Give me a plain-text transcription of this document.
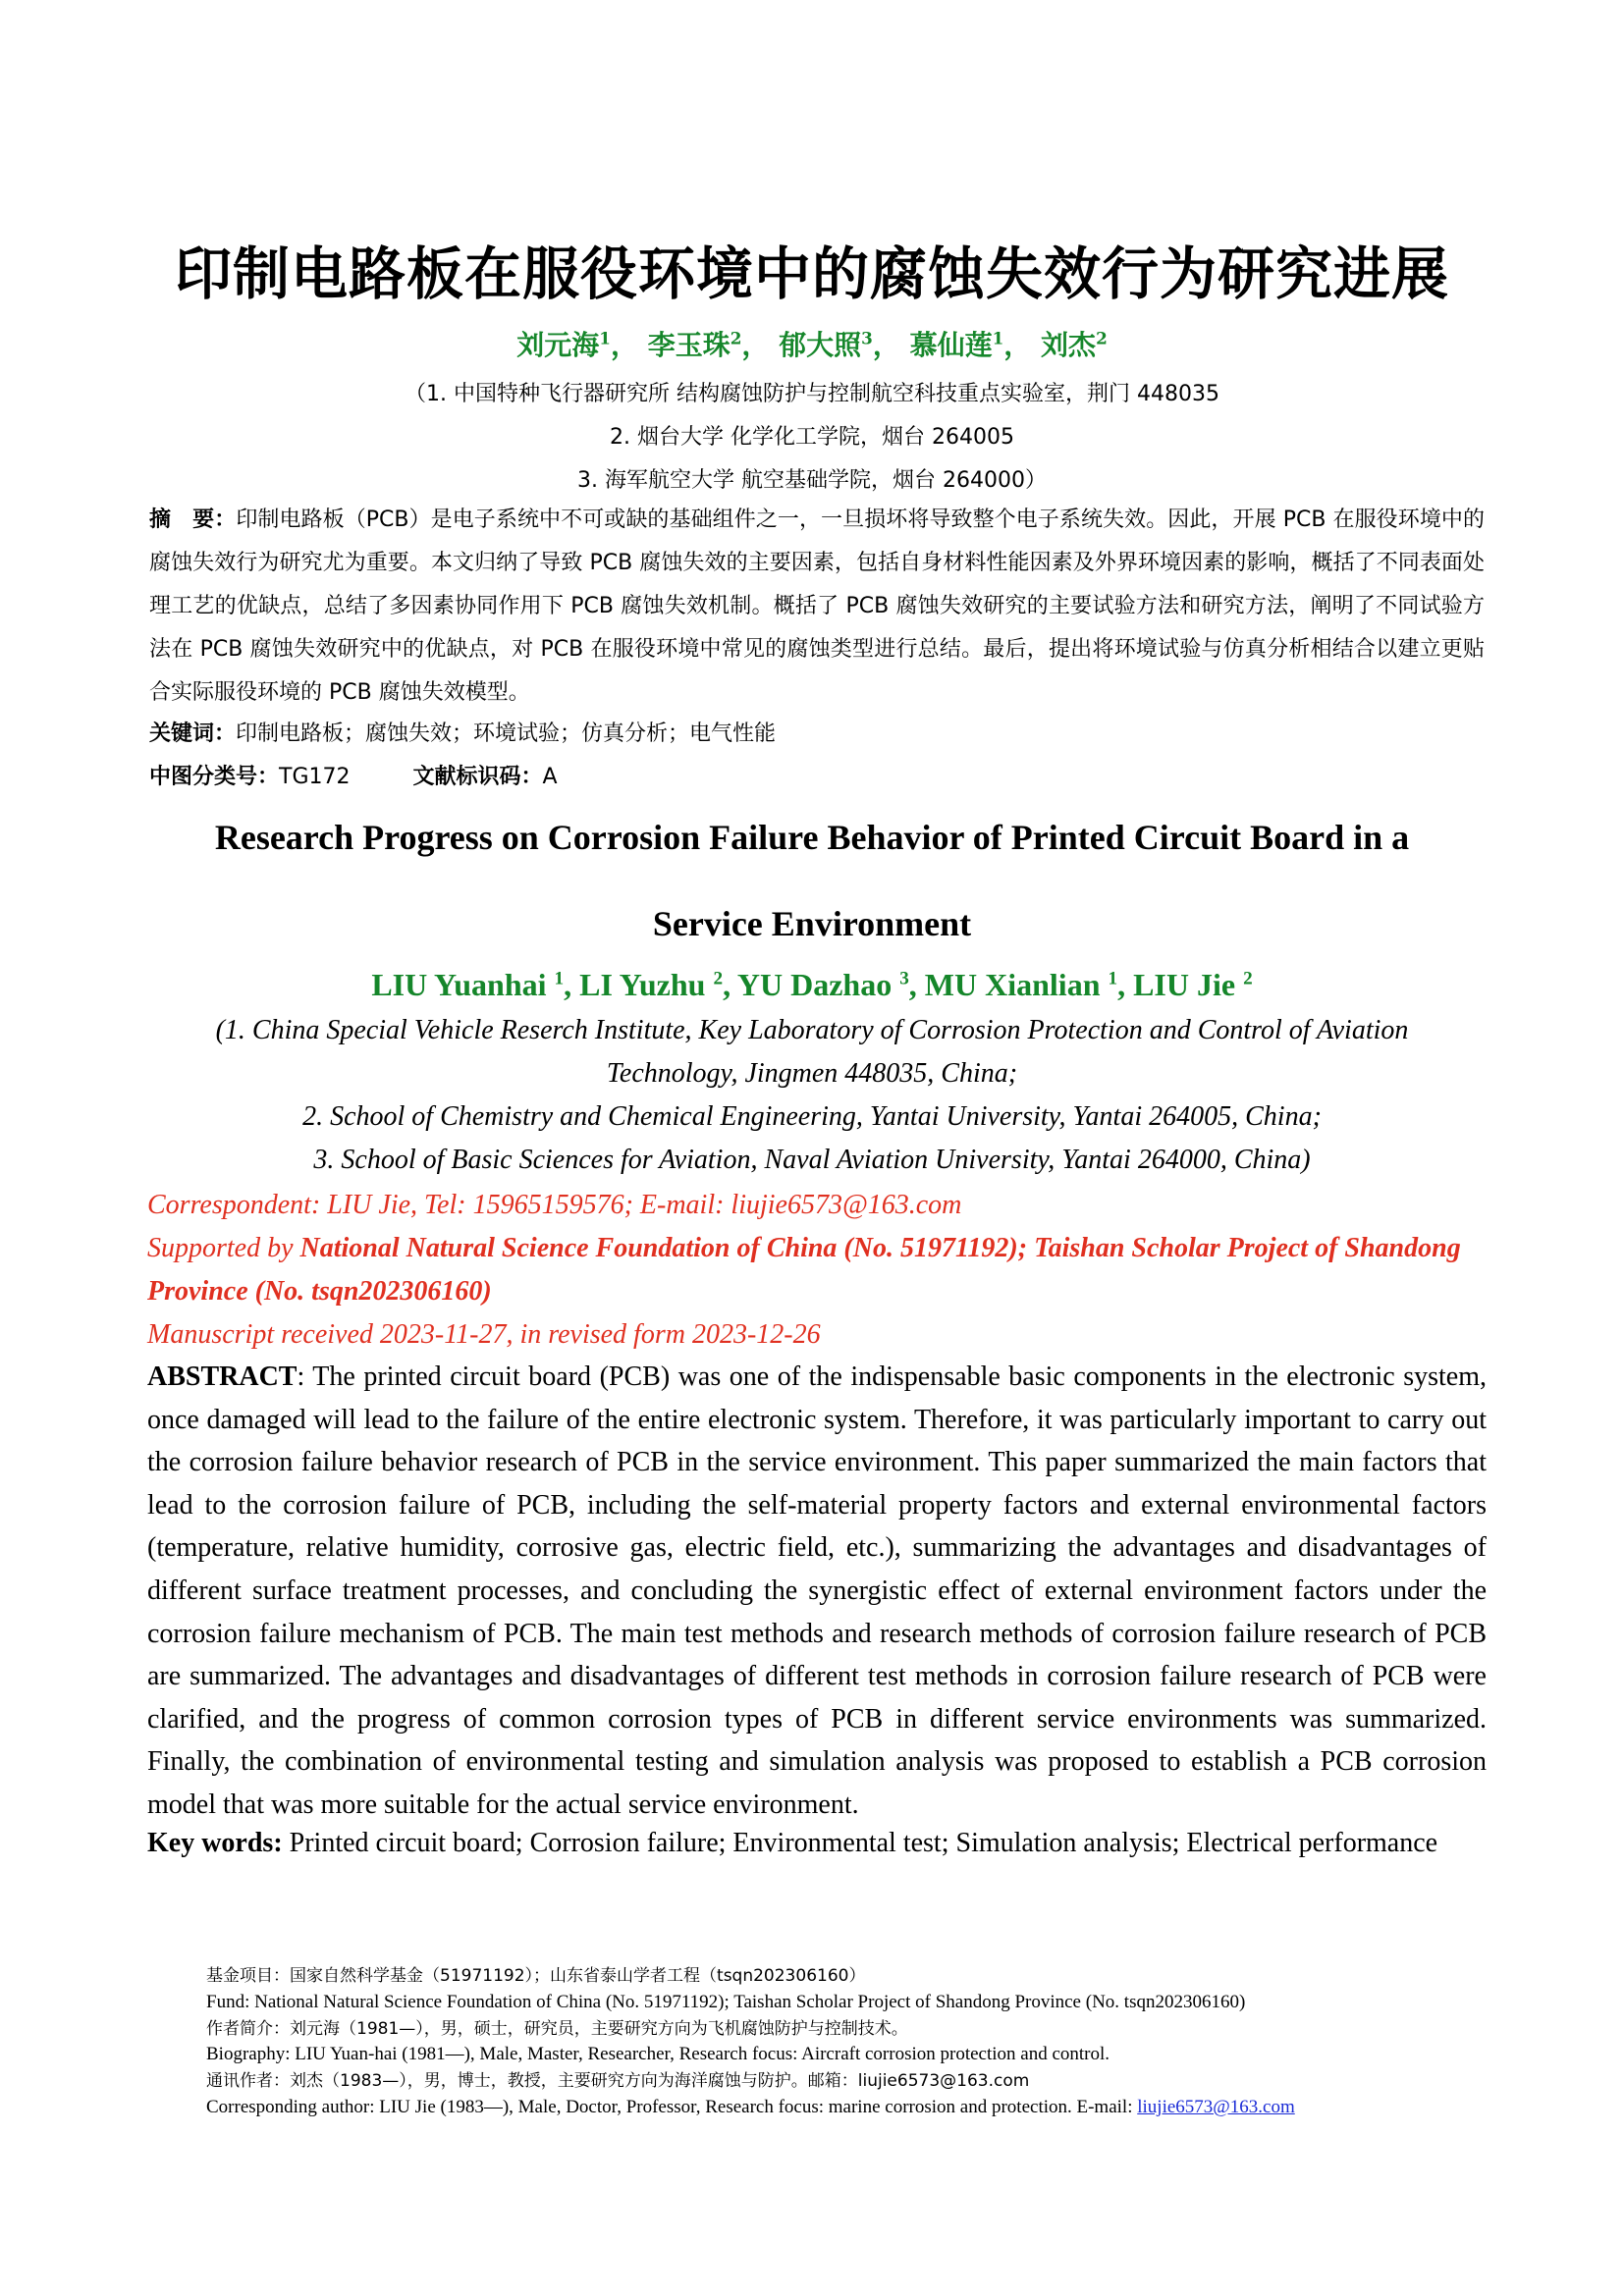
印制电路板在服役环境中的腐蚀失效行为研究进展
刘元海$^1$， 李玉珠$^2$， 郁大照$^3$， 慕仙莲$^1$， 刘杰$^2$
（1. 中国特种飞行器研究所 结构腐蚀防护与控制航空科技重点实验室，荆门 448035
2. 烟台大学 化学化工学院，烟台 264005
3. 海军航空大学 航空基础学院，烟台 264000）
摘　要：印制电路板（PCB）是电子系统中不可或缺的基础组件之一，一旦损坏将导致整个电子系统失效。因此，开展 PCB 在服役环境中的腐蚀失效行为研究尤为重要。本文归纳了导致 PCB 腐蚀失效的主要因素，包括自身材料性能因素及外界环境因素的影响，概括了不同表面处理工艺的优缺点，总结了多因素协同作用下 PCB 腐蚀失效机制。概括了 PCB 腐蚀失效研究的主要试验方法和研究方法，阐明了不同试验方法在 PCB 腐蚀失效研究中的优缺点，对 PCB 在服役环境中常见的腐蚀类型进行总结。最后，提出将环境试验与仿真分析相结合以建立更贴合实际服役环境的 PCB 腐蚀失效模型。
关键词：印制电路板；腐蚀失效；环境试验；仿真分析；电气性能
中图分类号：TG172	文献标识码：A
Research Progress on Corrosion Failure Behavior of Printed Circuit Board in a
Service Environment
LIU Yuanhai $^1$, LI Yuzhu $^2$, YU Dazhao $^3$, MU Xianlian $^1$, LIU Jie $^2$
(1. China Special Vehicle Reserch Institute, Key Laboratory of Corrosion Protection and Control of Aviation
Technology, Jingmen 448035, China;
2. School of Chemistry and Chemical Engineering, Yantai University, Yantai 264005, China;
3. School of Basic Sciences for Aviation, Naval Aviation University, Yantai 264000, China)
Correspondent: LIU Jie, Tel: 15965159576; E-mail: liujie6573@163.com
Supported by National Natural Science Foundation of China (No. 51971192); Taishan Scholar Project of Shandong Province (No. tsqn202306160)
Manuscript received 2023-11-27, in revised form 2023-12-26
ABSTRACT: The printed circuit board (PCB) was one of the indispensable basic components in the electronic system, once damaged will lead to the failure of the entire electronic system. Therefore, it was particularly important to carry out the corrosion failure behavior research of PCB in the service environment. This paper summarized the main factors that lead to the corrosion failure of PCB, including the self-material property factors and external environmental factors (temperature, relative humidity, corrosive gas, electric field, etc.), summarizing the advantages and disadvantages of different surface treatment processes, and concluding the synergistic effect of external environment factors under the corrosion failure mechanism of PCB. The main test methods and research methods of corrosion failure research of PCB are summarized. The advantages and disadvantages of different test methods in corrosion failure research of PCB were clarified, and the progress of common corrosion types of PCB in different service environments was summarized. Finally, the combination of environmental testing and simulation analysis was proposed to establish a PCB corrosion model that was more suitable for the actual service environment.
Key words: Printed circuit board; Corrosion failure; Environmental test; Simulation analysis; Electrical performance
基金项目：国家自然科学基金（51971192）；山东省泰山学者工程（tsqn202306160）
Fund: National Natural Science Foundation of China (No. 51971192); Taishan Scholar Project of Shandong Province (No. tsqn202306160)
作者简介：刘元海（1981—），男，硕士，研究员，主要研究方向为飞机腐蚀防护与控制技术。
Biography: LIU Yuan-hai (1981—), Male, Master, Researcher, Research focus: Aircraft corrosion protection and control.
通讯作者：刘杰（1983—），男，博士，教授，主要研究方向为海洋腐蚀与防护。邮箱：liujie6573@163.com
Corresponding author: LIU Jie (1983—), Male, Doctor, Professor, Research focus: marine corrosion and protection. E-mail: liujie6573@163.com
